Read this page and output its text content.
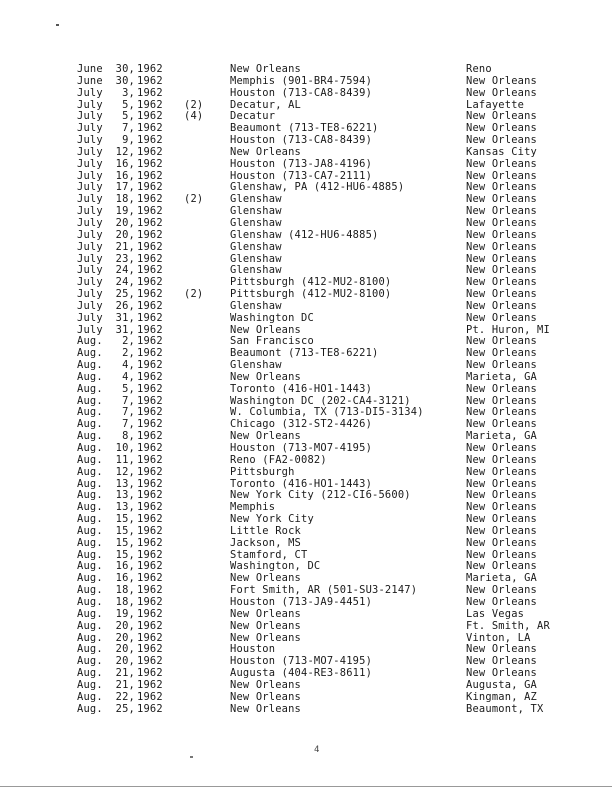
June 30, 1962	New Orleans	Reno
June 30, 1962	Memphis (901-BR4-7594)	New Orleans
July	3, 1962	Houston (713-CA8-8439)	New Orleans
July	5, 1962 (2)	Decatur, AL	Lafayette
July	5, 1962 (4)	Decatur	New Orleans
July	7, 1962	Beaumont (713-TE8-6221)	New Orleans
July	9, 1962	Houston (713-CA8-8439)	New Orleans
July 12, 1962	New Orleans	Kansas City
July 16, 1962	Houston (713-JA8-4196)	New Orleans
July 16, 1962	Houston (713-CA7-2111)	New Orleans
July 17, 1962	Glenshaw, PA (412-HU6-4885)	New Orleans
July 18, 1962 (2)	Glenshaw	New Orleans
July 19, 1962	Glenshaw	New Orleans
July 20, 1962	Glenshaw	New Orleans
July 20, 1962	Glenshaw (412-HU6-4885)	New Orleans
July 21, 1962	Glenshaw	New Orleans
July 23, 1962	Glenshaw	New Orleans
July 24, 1962	Glenshaw	New Orleans
July 24, 1962	Pittsburgh (412-MU2-8100)	New Orleans
July 25, 1962 (2)	Pittsburgh (412-MU2-8100)	New Orleans
July 26, 1962	Glenshaw	New Orleans
July 31, 1962	Washington DC	New Orleans
July 31, 1962	New Orleans	Pt. Huron, MI
Aug.	2, 1962	San Francisco	New Orleans
Aug.	2, 1962	Beaumont (713-TE8-6221)	New Orleans
Aug.	4, 1962	Glenshaw	New Orleans
Aug.	4, 1962	New Orleans	Marieta, GA
Aug.	5, 1962	Toronto (416-HO1-1443)	New Orleans
Aug.	7, 1962	Washington DC (202-CA4-3121)	New Orleans
Aug.	7, 1962	W. Columbia, TX (713-DI5-3134)	New Orleans
Aug.	7, 1962	Chicago (312-ST2-4426)	New Orleans
Aug.	8, 1962	New Orleans	Marieta, GA
Aug. 10, 1962	Houston (713-MO7-4195)	New Orleans
Aug. 11, 1962	Reno (FA2-0082)	New Orleans
Aug. 12, 1962	Pittsburgh	New Orleans
Aug. 13, 1962	Toronto (416-HO1-1443)	New Orleans
Aug. 13, 1962	New York City (212-CI6-5600)	New Orleans
Aug. 13, 1962	Memphis	New Orleans
Aug. 15, 1962	New York City	New Orleans
Aug. 15, 1962	Little Rock	New Orleans
Aug. 15, 1962	Jackson, MS	New Orleans
Aug. 15, 1962	Stamford, CT	New Orleans
Aug. 16, 1962	Washington, DC	New Orleans
Aug. 16, 1962	New Orleans	Marieta, GA
Aug. 18, 1962	Fort Smith, AR (501-SU3-2147)	New Orleans
Aug. 18, 1962	Houston (713-JA9-4451)	New Orleans
Aug. 19, 1962	New Orleans	Las Vegas
Aug. 20, 1962	New Orleans	Ft. Smith, AR
Aug. 20, 1962	New Orleans	Vinton, LA
Aug. 20, 1962	Houston	New Orleans
Aug. 20, 1962	Houston (713-MO7-4195)	New Orleans
Aug. 21, 1962	Augusta (404-RE3-8611)	New Orleans
Aug. 21, 1962	New Orleans	Augusta, GA
Aug. 22, 1962	New Orleans	Kingman, AZ
Aug. 25, 1962	New Orleans	Beaumont, TX
4
